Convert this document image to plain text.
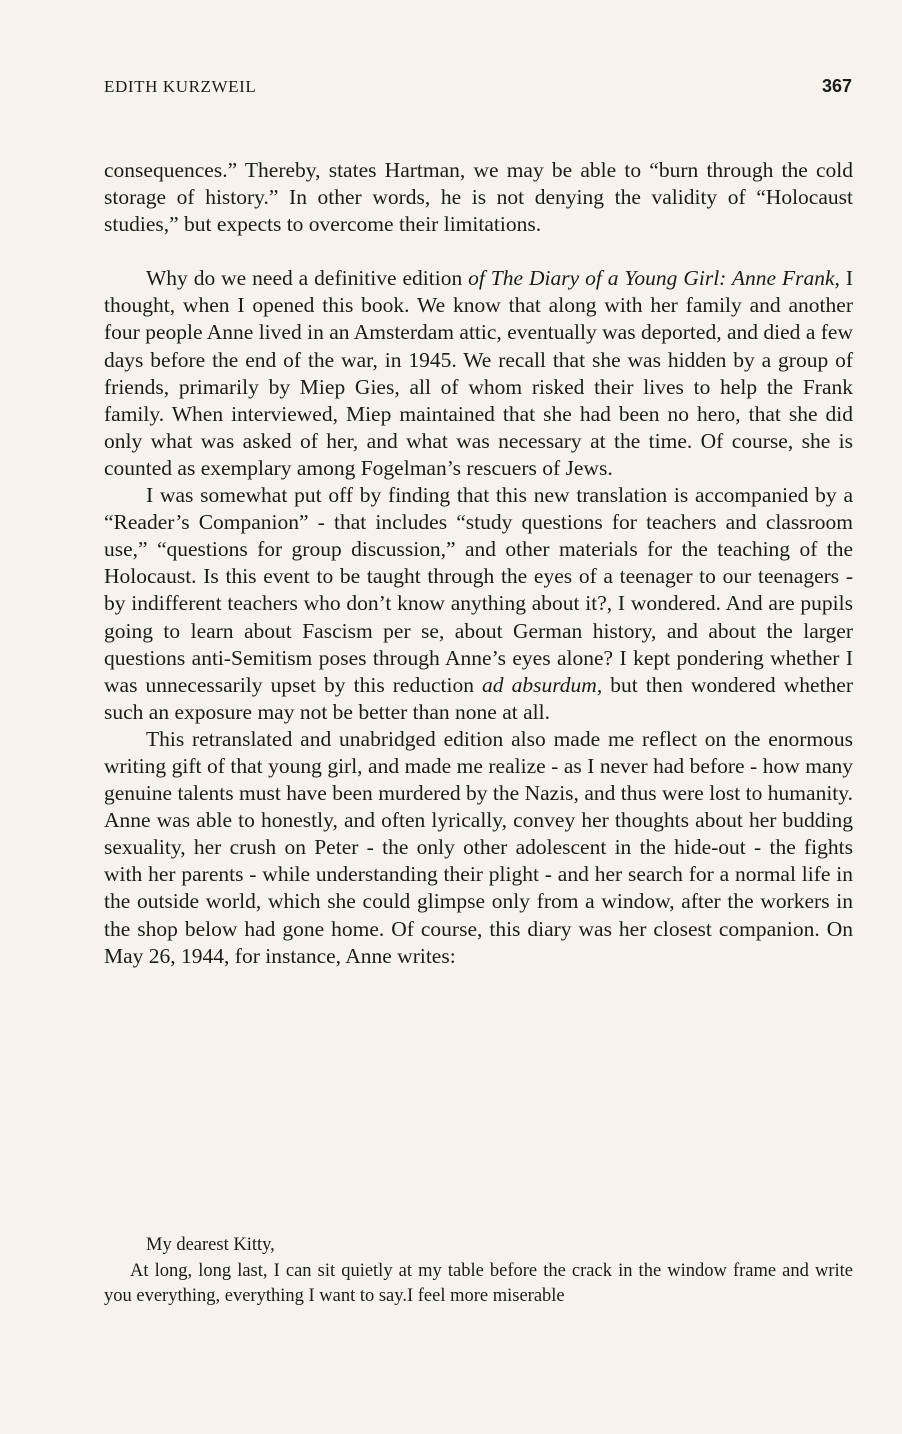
EDITH KURZWEIL	367

consequences.” Thereby, states Hartman, we may be able to “burn through the cold storage of history.” In other words, he is not denying the validity of “Holocaust studies,” but expects to overcome their limitations.

Why do we need a definitive edition of The Diary of a Young Girl: Anne Frank, I thought, when I opened this book. We know that along with her family and another four people Anne lived in an Amsterdam attic, eventually was deported, and died a few days before the end of the war, in 1945. We recall that she was hidden by a group of friends, primarily by Miep Gies, all of whom risked their lives to help the Frank family. When interviewed, Miep maintained that she had been no hero, that she did only what was asked of her, and what was necessary at the time. Of course, she is counted as exemplary among Fogelman’s rescuers of Jews.

I was somewhat put off by finding that this new translation is accompanied by a “Reader’s Companion” - that includes “study questions for teachers and classroom use,” “questions for group discussion,” and other materials for the teaching of the Holocaust. Is this event to be taught through the eyes of a teenager to our teenagers - by indifferent teachers who don’t know anything about it?, I wondered. And are pupils going to learn about Fascism per se, about German history, and about the larger questions anti-Semitism poses through Anne’s eyes alone? I kept pondering whether I was unnecessarily upset by this reduction ad absurdum, but then wondered whether such an exposure may not be better than none at all.

This retranslated and unabridged edition also made me reflect on the enormous writing gift of that young girl, and made me realize - as I never had before - how many genuine talents must have been murdered by the Nazis, and thus were lost to humanity. Anne was able to honestly, and often lyrically, convey her thoughts about her budding sexuality, her crush on Peter - the only other adolescent in the hide-out - the fights with her parents - while understanding their plight - and her search for a normal life in the outside world, which she could glimpse only from a window, after the workers in the shop below had gone home. Of course, this diary was her closest companion. On May 26, 1944, for instance, Anne writes:

My dearest Kitty,

At long, long last, I can sit quietly at my table before the crack in the window frame and write you everything, everything I want to say.I feel more miserable
